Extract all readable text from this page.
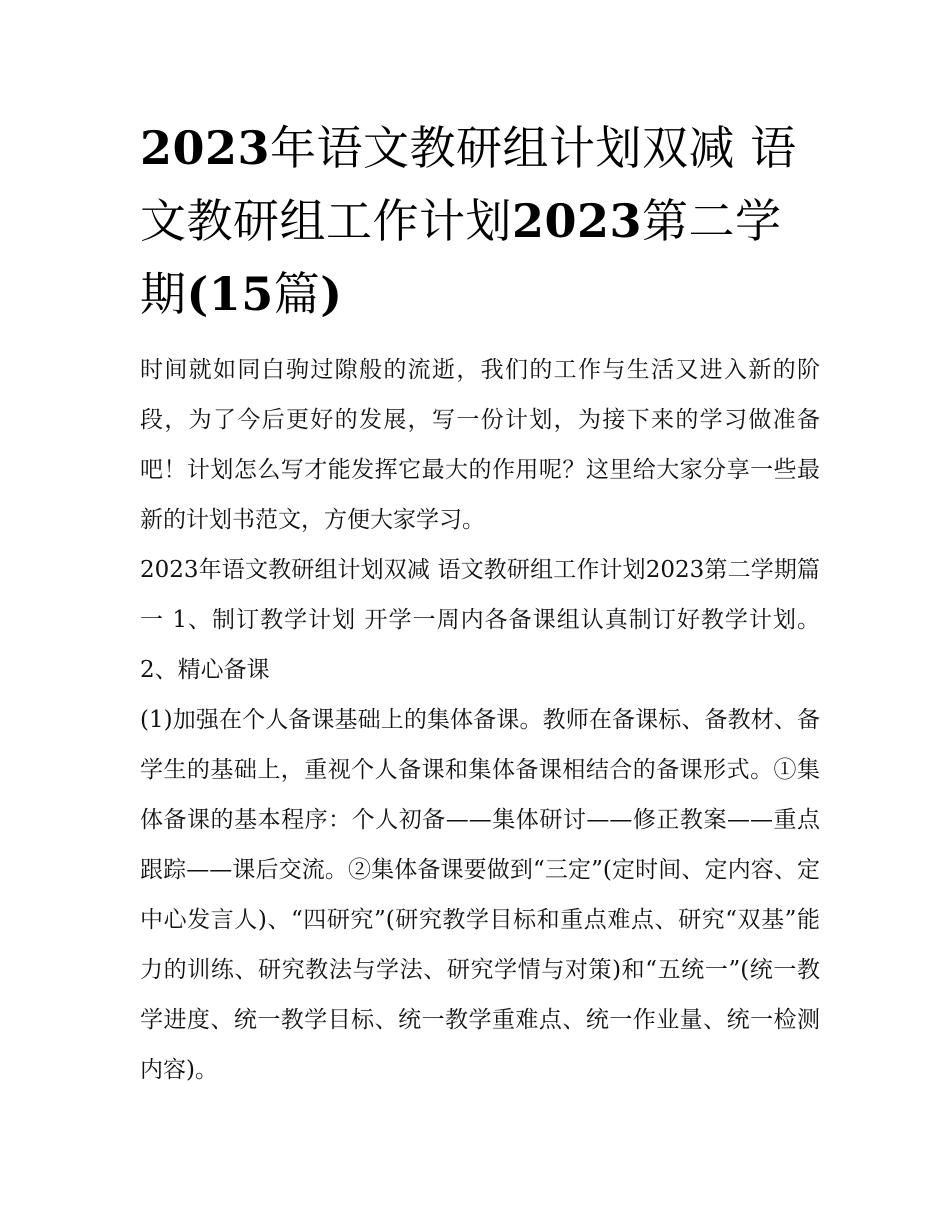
2023年语文教研组计划双减 语文教研组工作计划2023第二学期(15篇)

时间就如同白驹过隙般的流逝，我们的工作与生活又进入新的阶段，为了今后更好的发展，写一份计划，为接下来的学习做准备吧！计划怎么写才能发挥它最大的作用呢？这里给大家分享一些最新的计划书范文，方便大家学习。

2023年语文教研组计划双减 语文教研组工作计划2023第二学期篇一 1、制订教学计划 开学一周内各备课组认真制订好教学计划。 2、精心备课

(1)加强在个人备课基础上的集体备课。教师在备课标、备教材、备学生的基础上，重视个人备课和集体备课相结合的备课形式。①集体备课的基本程序：个人初备——集体研讨——修正教案——重点跟踪——课后交流。②集体备课要做到“三定”(定时间、定内容、定中心发言人)、“四研究”(研究教学目标和重点难点、研究“双基”能力的训练、研究教法与学法、研究学情与对策)和“五统一”(统一教学进度、统一教学目标、统一教学重难点、统一作业量、统一检测内容)。
